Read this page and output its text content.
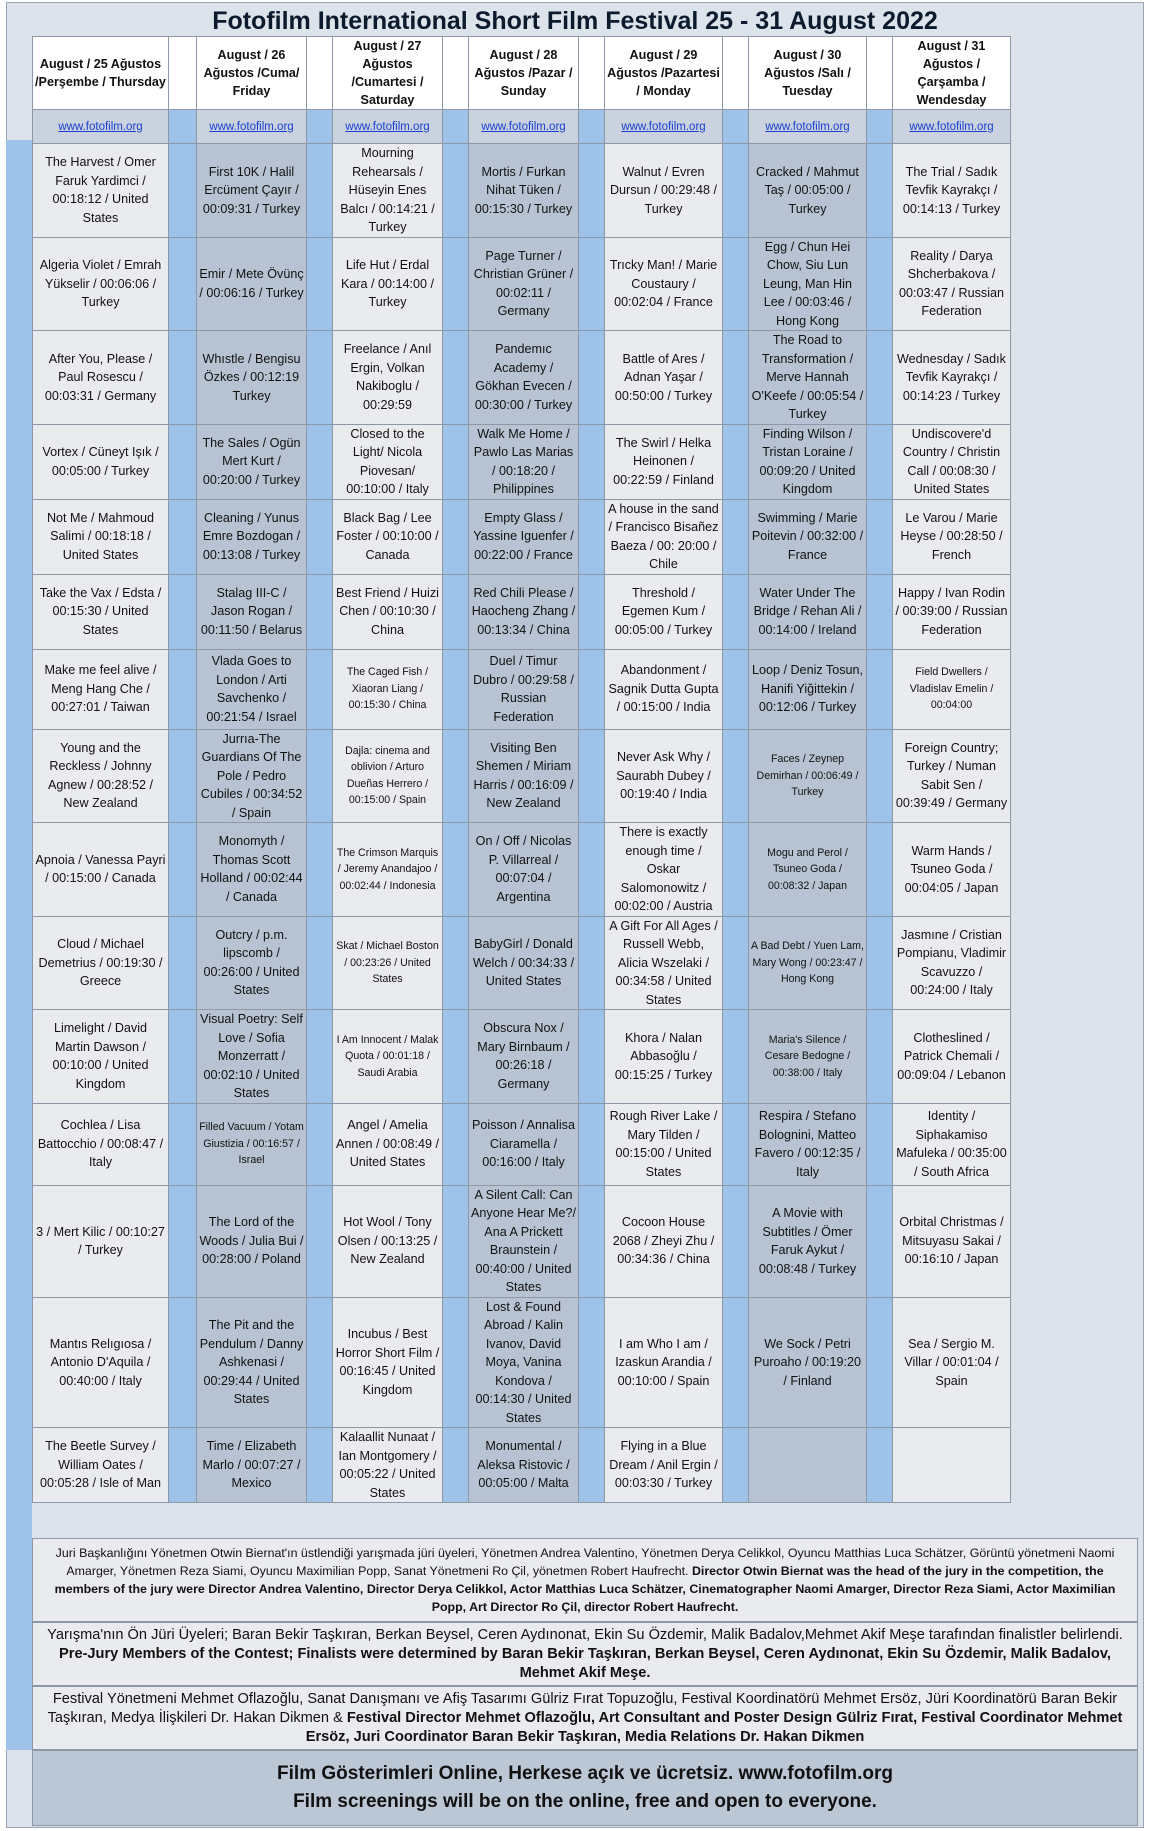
Fotofilm International Short Film Festival 25 - 31 August 2022
August / 25 Ağustos /Perşembe / Thursday		August / 26 Ağustos /Cuma/ Friday		August / 27 Ağustos /Cumartesi / Saturday		August / 28 Ağustos /Pazar / Sunday		August / 29 Ağustos /Pazartesi / Monday		August / 30 Ağustos /Salı / Tuesday		August / 31 Ağustos /Çarşamba / Wendesday
www.fotofilm.org		www.fotofilm.org		www.fotofilm.org		www.fotofilm.org		www.fotofilm.org		www.fotofilm.org		www.fotofilm.org
The Harvest / Omer Faruk Yardimci / 00:18:12 / United States		First 10K / Halil Ercüment Çayır / 00:09:31 / Turkey		Mourning Rehearsals / Hüseyin Enes Balcı / 00:14:21 / Turkey		Mortis / Furkan Nihat Tüken / 00:15:30 / Turkey		Walnut / Evren Dursun / 00:29:48 / Turkey		Cracked / Mahmut Taş / 00:05:00 / Turkey		The Trial / Sadık Tevfik Kayrakçı / 00:14:13 / Turkey
Algeria Violet / Emrah Yükselir / 00:06:06 / Turkey		Emir / Mete Övünç / 00:06:16 / Turkey		Life Hut / Erdal Kara / 00:14:00 / Turkey		Page Turner / Christian Grüner / 00:02:11 / Germany		Trıcky Man! / Marie Coustaury / 00:02:04 / France		Egg / Chun Hei Chow, Siu Lun Leung, Man Hin Lee / 00:03:46 / Hong Kong		Reality / Darya Shcherbakova / 00:03:47 / Russian Federation
After You, Please / Paul Rosescu / 00:03:31 / Germany		Whıstle / Bengisu Özkes / 00:12:19 Turkey		Freelance / Anıl Ergin, Volkan Nakiboglu / 00:29:59		Pandemıc Academy / Gökhan Evecen / 00:30:00 / Turkey		Battle of Ares / Adnan Yaşar / 00:50:00 / Turkey		The Road to Transformation / Merve Hannah O'Keefe / 00:05:54 / Turkey		Wednesday / Sadık Tevfik Kayrakçı / 00:14:23 / Turkey
Vortex / Cüneyt Işık / 00:05:00 / Turkey		The Sales / Ogün Mert Kurt / 00:20:00 / Turkey		Closed to the Light/ Nicola Piovesan/ 00:10:00 / Italy		Walk Me Home / Pawlo Las Marias / 00:18:20 / Philippines		The Swirl / Helka Heinonen / 00:22:59 / Finland		Finding Wilson / Tristan Loraine / 00:09:20 / United Kingdom		Undiscovere'd Country / Christin Call / 00:08:30 / United States
Not Me / Mahmoud Salimi / 00:18:18 / United States		Cleaning / Yunus Emre Bozdogan / 00:13:08 / Turkey		Black Bag / Lee Foster / 00:10:00 / Canada		Empty Glass / Yassine Iguenfer / 00:22:00 / France		A house in the sand / Francisco Bisañez Baeza / 00: 20:00 / Chile		Swimming / Marie Poitevin / 00:32:00 / France		Le Varou / Marie Heyse / 00:28:50 / French
Take the Vax / Edsta / 00:15:30 / United States		Stalag III-C / Jason Rogan / 00:11:50 / Belarus		Best Friend / Huizi Chen / 00:10:30 / China		Red Chili Please / Haocheng Zhang / 00:13:34 / China		Threshold / Egemen Kum / 00:05:00 / Turkey		Water Under The Bridge / Rehan Ali / 00:14:00 / Ireland		Happy / Ivan Rodin / 00:39:00 / Russian Federation
Make me feel alive / Meng Hang Che / 00:27:01 / Taiwan		Vlada Goes to London / Arti Savchenko / 00:21:54 / Israel		The Caged Fish / Xiaoran Liang / 00:15:30 / China		Duel / Timur Dubro / 00:29:58 / Russian Federation		Abandonment / Sagnik Dutta Gupta / 00:15:00 / India		Loop / Deniz Tosun, Hanifi Yiğittekin / 00:12:06 / Turkey		Field Dwellers / Vladislav Emelin / 00:04:00
Young and the Reckless / Johnny Agnew / 00:28:52 / New Zealand		Jurrıa-The Guardians Of The Pole / Pedro Cubiles / 00:34:52 / Spain		Dajla: cinema and oblivion / Arturo Dueñas Herrero / 00:15:00 / Spain		Visiting Ben Shemen / Miriam Harris / 00:16:09 / New Zealand		Never Ask Why / Saurabh Dubey / 00:19:40 / India		Faces / Zeynep Demirhan / 00:06:49 / Turkey		Foreign Country; Turkey / Numan Sabit Sen / 00:39:49 / Germany
Apnoia / Vanessa Payri / 00:15:00 / Canada		Monomyth / Thomas Scott Holland / 00:02:44 / Canada		The Crimson Marquis / Jeremy Anandajoo / 00:02:44 / Indonesia		On / Off / Nicolas P. Villarreal / 00:07:04 / Argentina		There is exactly enough time / Oskar Salomonowitz / 00:02:00 / Austria		Mogu and Perol / Tsuneo Goda / 00:08:32 / Japan		Warm Hands / Tsuneo Goda / 00:04:05 / Japan
Cloud / Michael Demetrius / 00:19:30 / Greece		Outcry / p.m. lipscomb / 00:26:00 / United States		Skat / Michael Boston / 00:23:26 / United States		BabyGirl / Donald Welch / 00:34:33 / United States		A Gift For All Ages / Russell Webb, Alicia Wszelaki / 00:34:58 / United States		A Bad Debt / Yuen Lam, Mary Wong / 00:23:47 / Hong Kong		Jasmıne / Cristian Pompianu, Vladimir Scavuzzo / 00:24:00 / Italy
Limelight / David Martin Dawson / 00:10:00 / United Kingdom		Visual Poetry: Self Love / Sofia Monzerratt / 00:02:10 / United States		I Am Innocent / Malak Quota / 00:01:18 / Saudi Arabia		Obscura Nox / Mary Birnbaum / 00:26:18 / Germany		Khora / Nalan Abbasoğlu / 00:15:25 / Turkey		Maria's Silence / Cesare Bedogne / 00:38:00 / Italy		Clotheslined / Patrick Chemali / 00:09:04 / Lebanon
Cochlea / Lisa Battocchio / 00:08:47 / Italy		Filled Vacuum / Yotam Giustizia / 00:16:57 / Israel		Angel / Amelia Annen / 00:08:49 / United States		Poisson / Annalisa Ciaramella / 00:16:00 / Italy		Rough River Lake / Mary Tilden / 00:15:00 / United States		Respira / Stefano Bolognini, Matteo Favero / 00:12:35 / Italy		Identity / Siphakamiso Mafuleka / 00:35:00 / South Africa
3 / Mert Kilic / 00:10:27 / Turkey		The Lord of the Woods / Julia Bui / 00:28:00 / Poland		Hot Wool / Tony Olsen / 00:13:25 / New Zealand		A Silent Call: Can Anyone Hear Me?/ Ana A Prickett Braunstein / 00:40:00 / United States		Cocoon House 2068 / Zheyi Zhu / 00:34:36 / China		A Movie with Subtitles / Ömer Faruk Aykut / 00:08:48 / Turkey		Orbital Christmas / Mitsuyasu Sakai / 00:16:10 / Japan
Mantıs Relıgıosa / Antonio D'Aquila / 00:40:00 / Italy		The Pit and the Pendulum / Danny Ashkenasi / 00:29:44 / United States		Incubus / Best Horror Short Film / 00:16:45 / United Kingdom		Lost & Found Abroad / Kalin Ivanov, David Moya, Vanina Kondova / 00:14:30 / United States		I am Who I am / Izaskun Arandia / 00:10:00 / Spain		We Sock / Petri Puroaho / 00:19:20 / Finland		Sea / Sergio M. Villar / 00:01:04 / Spain
The Beetle Survey / William Oates / 00:05:28 / Isle of Man		Time / Elizabeth Marlo / 00:07:27 / Mexico		Kalaallit Nunaat / Ian Montgomery / 00:05:22 / United States		Monumental / Aleksa Ristovic / 00:05:00 / Malta		Flying in a Blue Dream / Anil Ergin / 00:03:30 / Turkey				

Juri Başkanlığını Yönetmen Otwin Biernat'ın üstlendiği yarışmada jüri üyeleri, Yönetmen Andrea Valentino, Yönetmen Derya Celikkol, Oyuncu Matthias Luca Schätzer, Görüntü yönetmeni Naomi Amarger, Yönetmen Reza Siami, Oyuncu Maximilian Popp, Sanat Yönetmeni Ro Çil, yönetmen Robert Haufrecht. Director Otwin Biernat was the head of the jury in the competition, the members of the jury were Director Andrea Valentino, Director Derya Celikkol, Actor Matthias Luca Schätzer, Cinematographer Naomi Amarger, Director Reza Siami, Actor Maximilian Popp, Art Director Ro Çil, director Robert Haufrecht.

Yarışma'nın Ön Jüri Üyeleri; Baran Bekir Taşkıran, Berkan Beysel, Ceren Aydınonat, Ekin Su Özdemir, Malik Badalov,Mehmet Akif Meşe tarafından finalistler belirlendi. Pre-Jury Members of the Contest; Finalists were determined by Baran Bekir Taşkıran, Berkan Beysel, Ceren Aydınonat, Ekin Su Özdemir, Malik Badalov, Mehmet Akif Meşe.

Festival Yönetmeni Mehmet Oflazoğlu, Sanat Danışmanı ve Afiş Tasarımı Gülriz Fırat Topuzoğlu, Festival Koordinatörü Mehmet Ersöz, Jüri Koordinatörü Baran Bekir Taşkıran, Medya İlişkileri Dr. Hakan Dikmen & Festival Director Mehmet Oflazoğlu, Art Consultant and Poster Design Gülriz Fırat, Festival Coordinator Mehmet Ersöz, Juri Coordinator Baran Bekir Taşkıran, Media Relations Dr. Hakan Dikmen

Film Gösterimleri Online, Herkese açık ve ücretsiz. www.fotofilm.org
Film screenings will be on the online, free and open to everyone.
